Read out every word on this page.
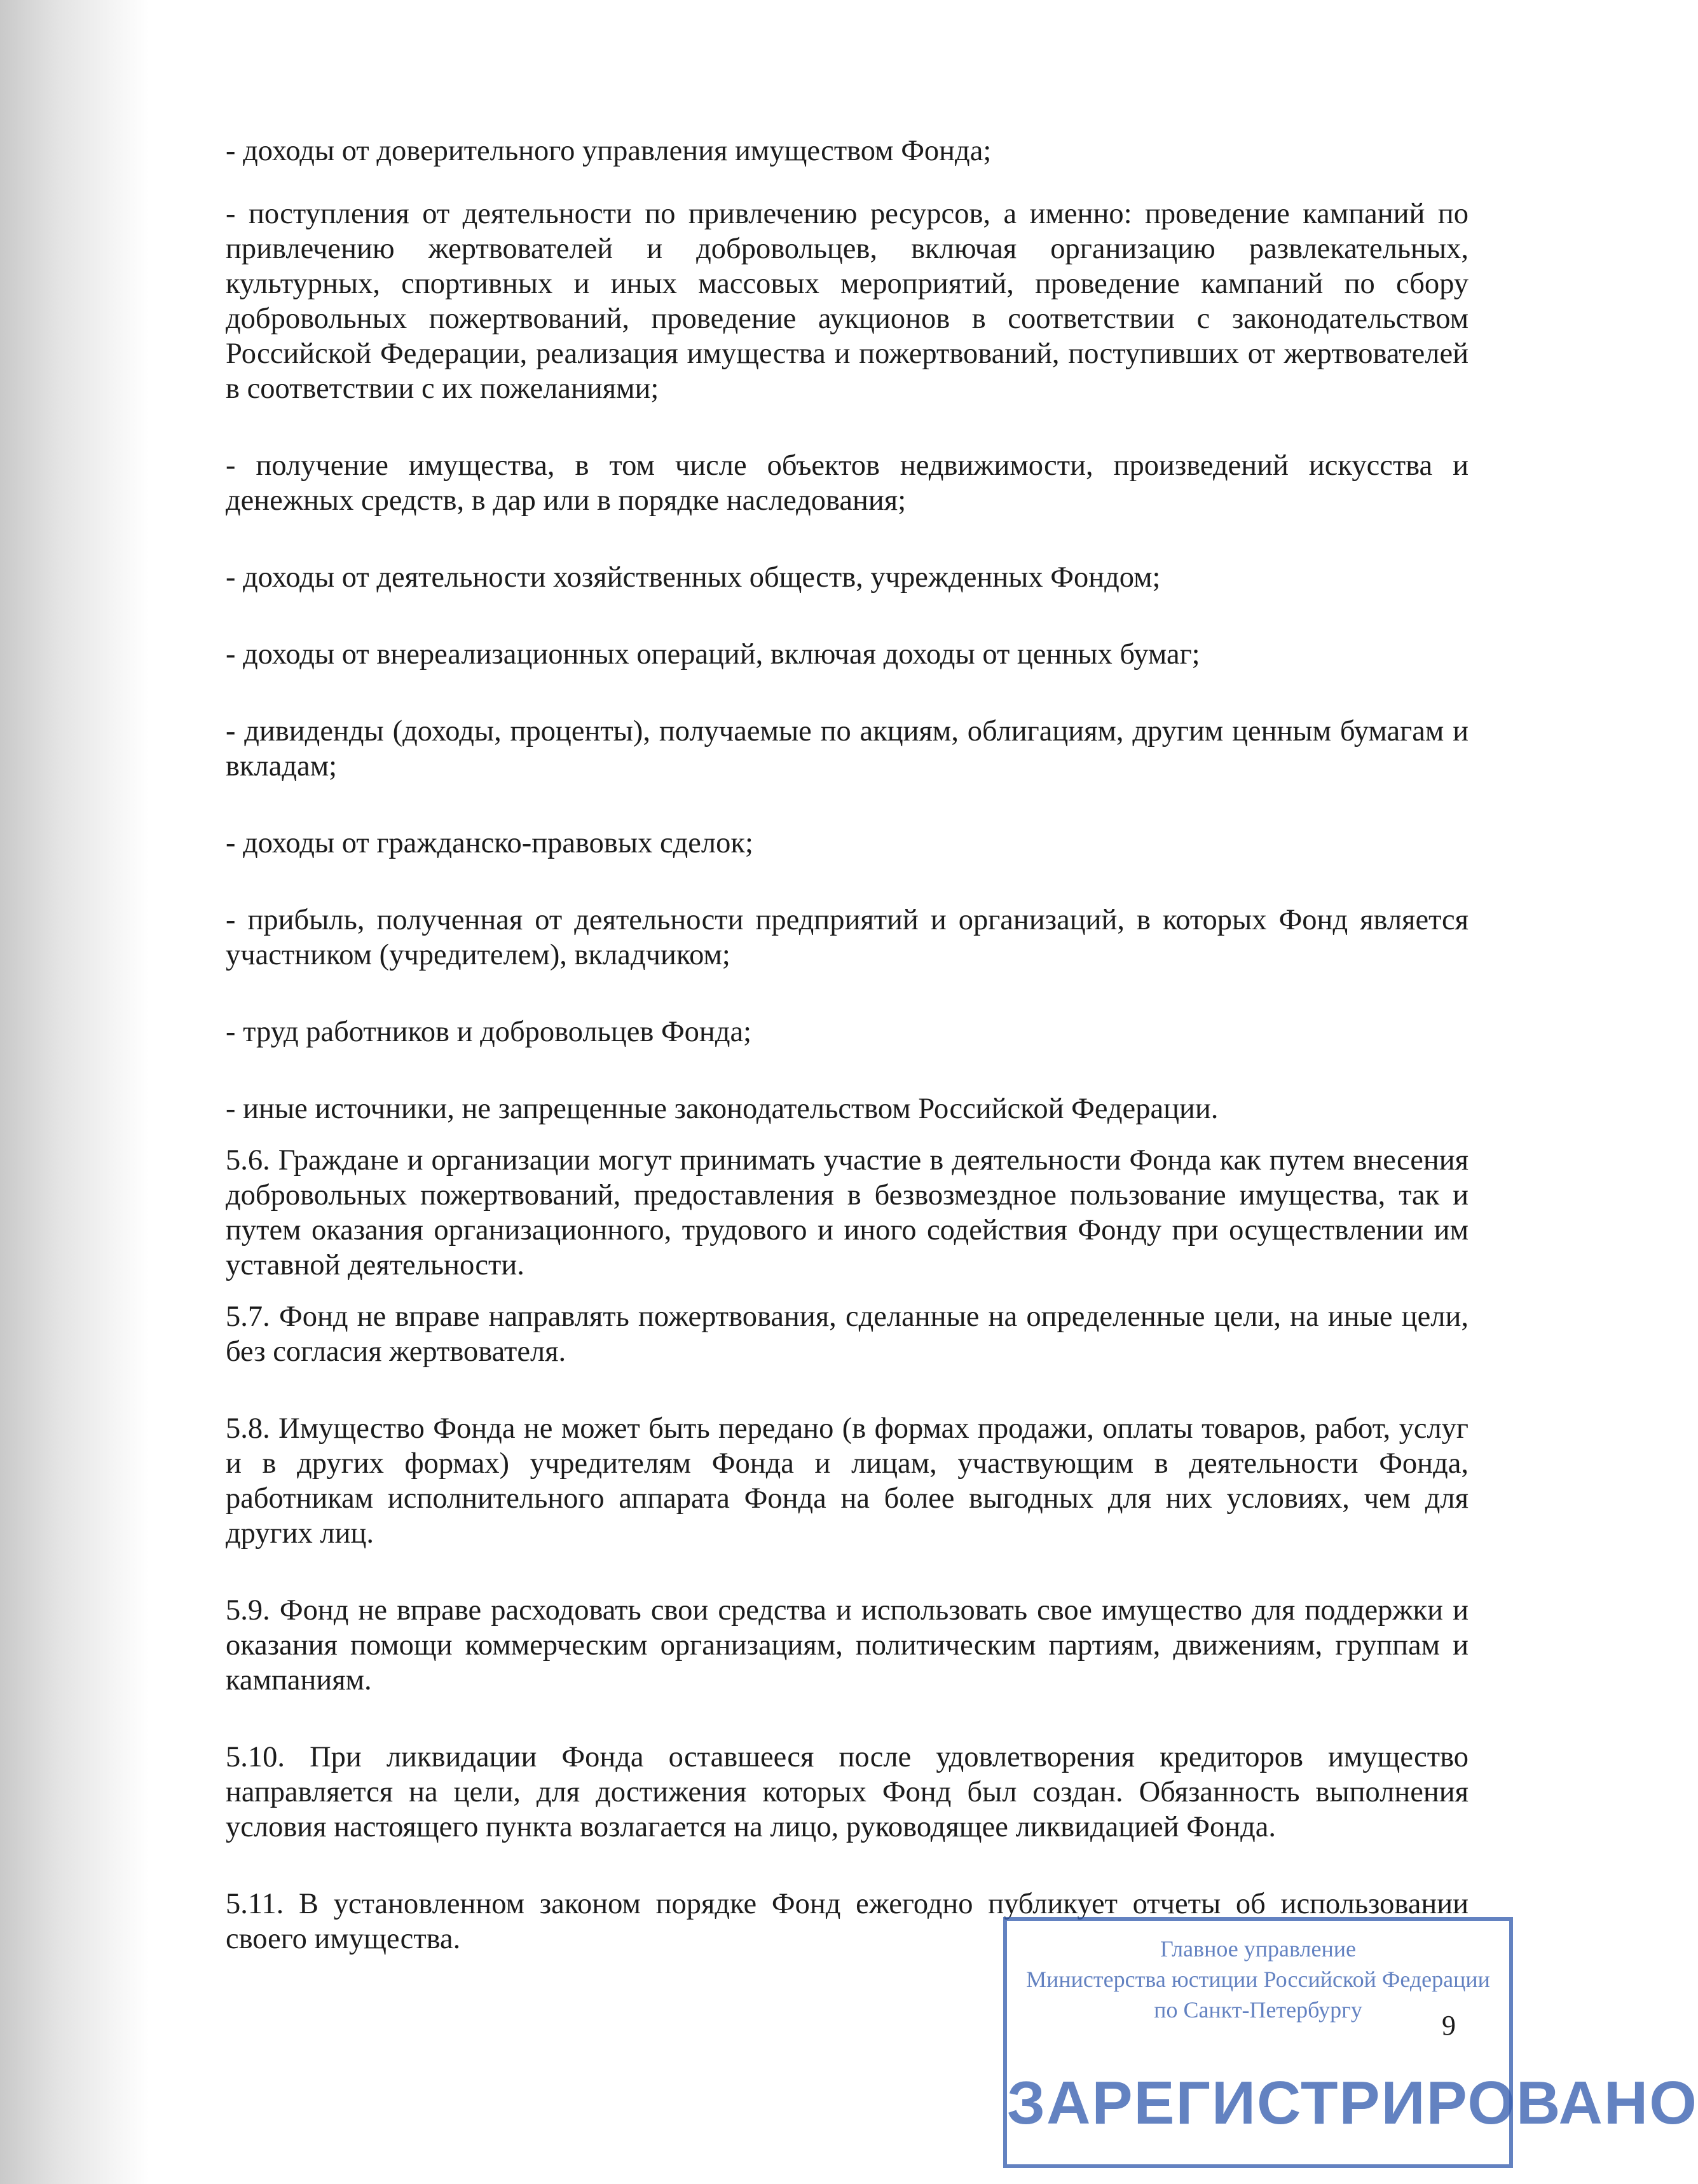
- доходы от доверительного управления имуществом Фонда;

- поступления от деятельности по привлечению ресурсов, а именно: проведение кампаний по привлечению жертвователей и добровольцев, включая организацию развлекательных, культурных, спортивных и иных массовых мероприятий, проведение кампаний по сбору добровольных пожертвований, проведение аукционов в соответствии с законодательством Российской Федерации, реализация имущества и пожертвований, поступивших от жертвователей в соответствии с их пожеланиями;

- получение имущества, в том числе объектов недвижимости, произведений искусства и денежных средств, в дар или в порядке наследования;

- доходы от деятельности хозяйственных обществ, учрежденных Фондом;

- доходы от внереализационных операций, включая доходы от ценных бумаг;

- дивиденды (доходы, проценты), получаемые по акциям, облигациям, другим ценным бумагам и вкладам;

- доходы от гражданско-правовых сделок;

- прибыль, полученная от деятельности предприятий и организаций, в которых Фонд является участником (учредителем), вкладчиком;

- труд работников и добровольцев Фонда;

- иные источники, не запрещенные законодательством Российской Федерации.

5.6. Граждане и организации могут принимать участие в деятельности Фонда как путем внесения добровольных пожертвований, предоставления в безвозмездное пользование имущества, так и путем оказания организационного, трудового и иного содействия Фонду при осуществлении им уставной деятельности.

5.7. Фонд не вправе направлять пожертвования, сделанные на определенные цели, на иные цели, без согласия жертвователя.

5.8. Имущество Фонда не может быть передано (в формах продажи, оплаты товаров, работ, услуг и в других формах) учредителям Фонда и лицам, участвующим в деятельности Фонда, работникам исполнительного аппарата Фонда на более выгодных для них условиях, чем для других лиц.

5.9. Фонд не вправе расходовать свои средства и использовать свое имущество для поддержки и оказания помощи коммерческим организациям, политическим партиям, движениям, группам и кампаниям.

5.10. При ликвидации Фонда оставшееся после удовлетворения кредиторов имущество направляется на цели, для достижения которых Фонд был создан. Обязанность выполнения условия настоящего пункта возлагается на лицо, руководящее ликвидацией Фонда.

5.11. В установленном законом порядке Фонд ежегодно публикует отчеты об использовании своего имущества.	Главное управление
Министерства юстиции Российской Федерации
по Санкт-Петербургу
ЗАРЕГИСТРИРОВАНО
9
